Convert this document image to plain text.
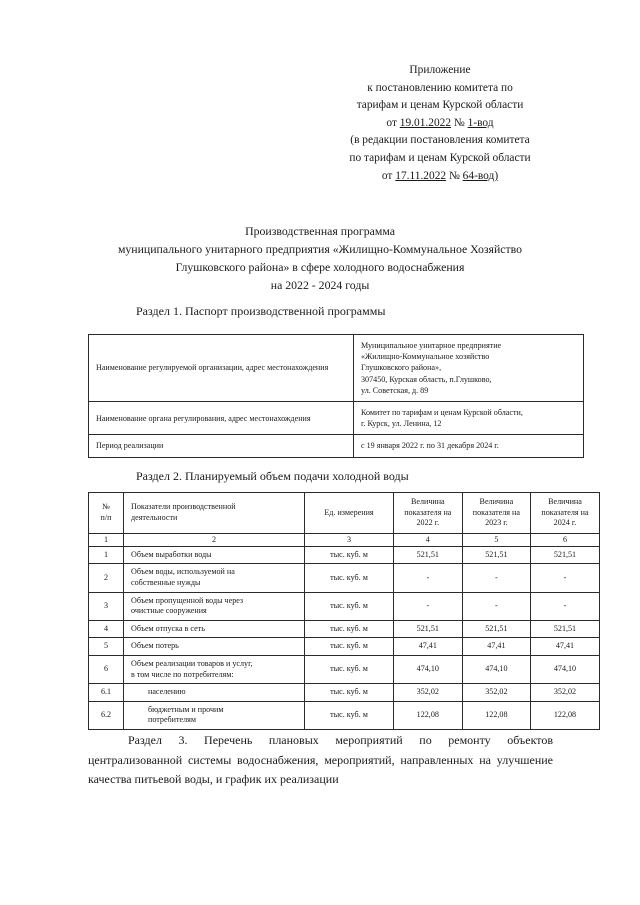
Приложение
к постановлению комитета по
тарифам и ценам Курской области
от 19.01.2022 № 1-вод
(в редакции постановления комитета
по тарифам и ценам Курской области
от 17.11.2022 № 64-вод)
Производственная программа
муниципального унитарного предприятия «Жилищно-Коммунальное Хозяйство
Глушковского района» в сфере холодного водоснабжения
на 2022 - 2024 годы
Раздел 1. Паспорт производственной программы
Наименование регулируемой организации, адрес местонахождения	Муниципальное унитарное предприятие
«Жилищно-Коммунальное хозяйство
Глушковского района»,
307450, Курская область, п.Глушково,
ул. Советская, д. 89

Наименование органа регулирования, адрес местонахождения	Комитет по тарифам и ценам Курской области,
г. Курск, ул. Ленина, 12

Период реализации	с 19 января 2022 г. по 31 декабря 2024 г.
Раздел 2. Планируемый объем подачи холодной воды
№
п/п	Показатели производственной
деятельности	Ед. измерения	Величина
показателя на
2022 г.	Величина
показателя на
2023 г.	Величина
показателя на
2024 г.
1	2	3	4	5	6
1	Объем выработки воды	тыс. куб. м	521,51	521,51	521,51
2	Объем воды, используемой на
собственные нужды	тыс. куб. м	-	-	-
3	Объем пропущенной воды через
очистные сооружения	тыс. куб. м	-	-	-
4	Объем отпуска в сеть	тыс. куб. м	521,51	521,51	521,51
5	Объем потерь	тыс. куб. м	47,41	47,41	47,41
6	Объем реализации товаров и услуг,
в том числе по потребителям:	тыс. куб. м	474,10	474,10	474,10
6.1	населению	тыс. куб. м	352,02	352,02	352,02
6.2	бюджетным и прочим
потребителям	тыс. куб. м	122,08	122,08	122,08
Раздел 3. Перечень плановых мероприятий по ремонту объектов централизованной системы водоснабжения, мероприятий, направленных на улучшение качества питьевой воды, и график их реализации
